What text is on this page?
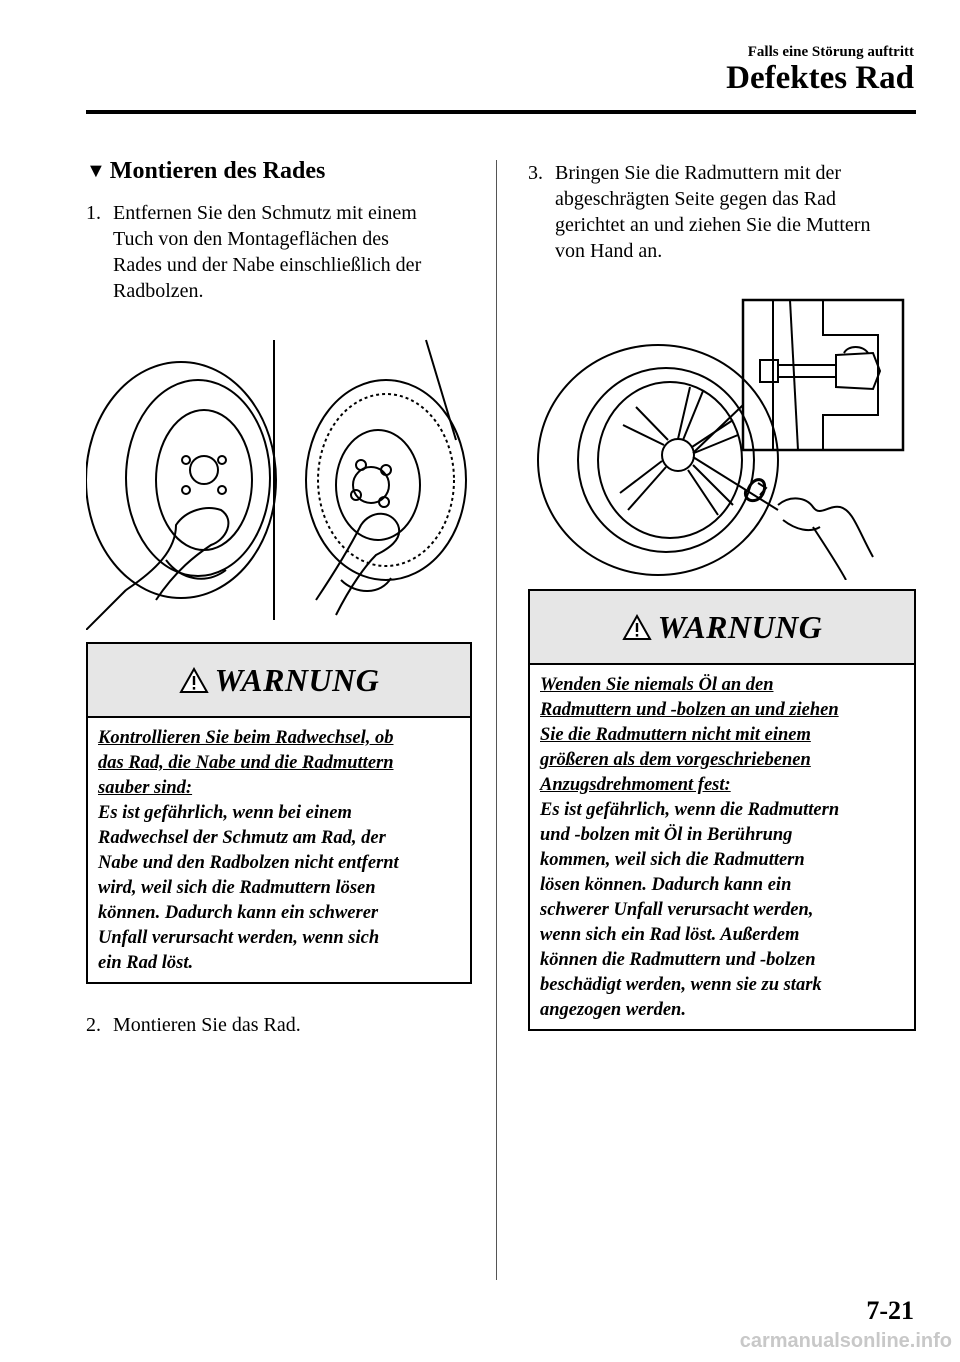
Falls eine Störung auftritt
Defektes Rad
▼ Montieren des Rades
1. Entfernen Sie den Schmutz mit einem
Tuch von den Montageflächen des
Rades und der Nabe einschließlich der
Radbolzen.
WARNUNG
Kontrollieren Sie beim Radwechsel, ob
das Rad, die Nabe und die Radmuttern
sauber sind:
Es ist gefährlich, wenn bei einem
Radwechsel der Schmutz am Rad, der
Nabe und den Radbolzen nicht entfernt
wird, weil sich die Radmuttern lösen
können. Dadurch kann ein schwerer
Unfall verursacht werden, wenn sich
ein Rad löst.
2. Montieren Sie das Rad.
3. Bringen Sie die Radmuttern mit der
abgeschrägten Seite gegen das Rad
gerichtet an und ziehen Sie die Muttern
von Hand an.
WARNUNG
Wenden Sie niemals Öl an den
Radmuttern und -bolzen an und ziehen
Sie die Radmuttern nicht mit einem
größeren als dem vorgeschriebenen
Anzugsdrehmoment fest:
Es ist gefährlich, wenn die Radmuttern
und -bolzen mit Öl in Berührung
kommen, weil sich die Radmuttern
lösen können. Dadurch kann ein
schwerer Unfall verursacht werden,
wenn sich ein Rad löst. Außerdem
können die Radmuttern und -bolzen
beschädigt werden, wenn sie zu stark
angezogen werden.
7-21
carmanualsonline.info
